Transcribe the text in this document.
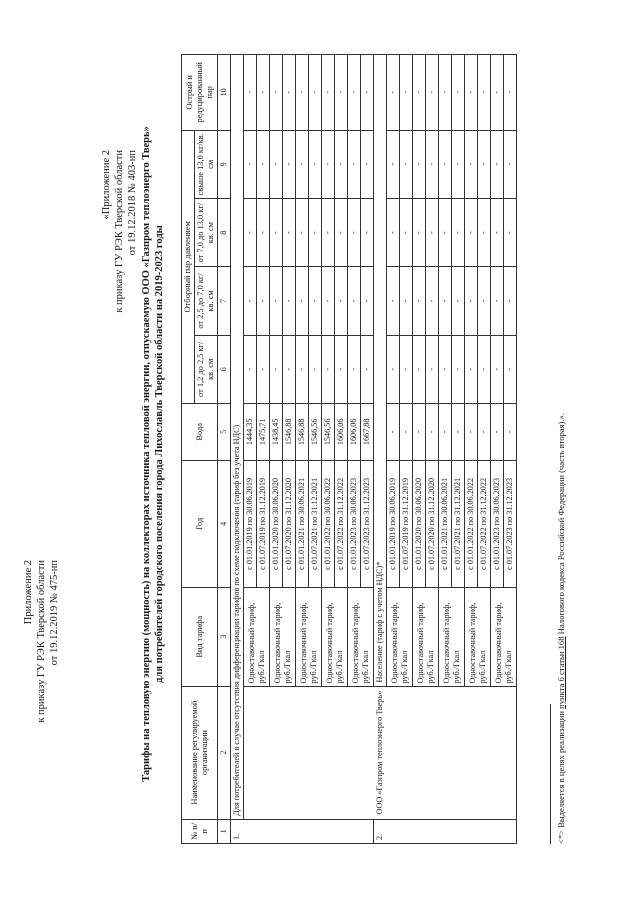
Приложение 2 к приказу ГУ РЭК Тверской области от 19.12.2019 № 475-нп
«Приложение 2 к приказу ГУ РЭК Тверской области от 19.12.2018 № 403-нп Тарифы на тепловую энергию (мощность) на коллекторах источника тепловой энергии, отпускаемую ООО «Газпром теплоэнерго Тверь» для потребителей городского поселения города Лихославль Тверской области на 2019-2023 годы
№ п/ п	Наименование регулируемой организации	Вид тарифа	Год	Вода	Отборный пар давлением				Острый и редуцированный пар
					от 1,2 до 2,5 кг/кв. см	от 2,5 до 7,0 кг/кв. см	от 7,0 до 13,0 кг/кв. см	свыше 13,0 кг/кв. см	
1	2	3	4	5	6	7	8	9	10
1.	Для потребителей в случае отсутствия дифференциации тарифов по схеме подключения (тариф без учета НДС)								
	ООО «Газпром теплоэнерго Тверь»	Одноставочный тариф, руб./Гкал	с 01.01.2019 по 30.06.2019	1444,35	-	-	-	-	-
			с 01.07.2019 по 31.12.2019	1475,71	-	-	-	-	-
		Одноставочный тариф, руб./Гкал	с 01.01.2020 по 30.06.2020	1438,45	-	-	-	-	-
			с 01.07.2020 по 31.12.2020	1546,88	-	-	-	-	-
		Одноставочный тариф, руб./Гкал	с 01.01.2021 по 30.06.2021	1546,88	-	-	-	-	-
			с 01.07.2021 по 31.12.2021	1546,56	-	-	-	-	-
		Одноставочный тариф, руб./Гкал	с 01.01.2022 по 30.06.2022	1546,56	-	-	-	-	-
			с 01.07.2022 по 31.12.2022	1606,06	-	-	-	-	-
		Одноставочный тариф, руб./Гкал	с 01.01.2023 по 30.06.2023	1606,06	-	-	-	-	-
			с 01.07.2023 по 31.12.2023	1667,88	-	-	-	-	-
2.		Население (тариф с учетом НДС)*							
		Одноставочный тариф, руб./Гкал	с 01.01.2019 по 30.06.2019	-	-	-	-	-	-
			с 01.07.2019 по 31.12.2019	-	-	-	-	-	-
		Одноставочный тариф, руб./Гкал	с 01.01.2020 по 30.06.2020	-	-	-	-	-	-
			с 01.07.2020 по 31.12.2020	-	-	-	-	-	-
		Одноставочный тариф, руб./Гкал	с 01.01.2021 по 30.06.2021	-	-	-	-	-	-
			с 01.07.2021 по 31.12.2021	-	-	-	-	-	-
		Одноставочный тариф, руб./Гкал	с 01.01.2022 по 30.06.2022	-	-	-	-	-	-
			с 01.07.2022 по 31.12.2022	-	-	-	-	-	-
		Одноставочный тариф, руб./Гкал	с 01.01.2023 по 30.06.2023	-	-	-	-	-	-
			с 01.07.2023 по 31.12.2023	-	-	-	-	-	-
<*> Выделяется в целях реализации пункта 6 статьи 168 Налогового кодекса Российской Федерации (часть вторая).».
